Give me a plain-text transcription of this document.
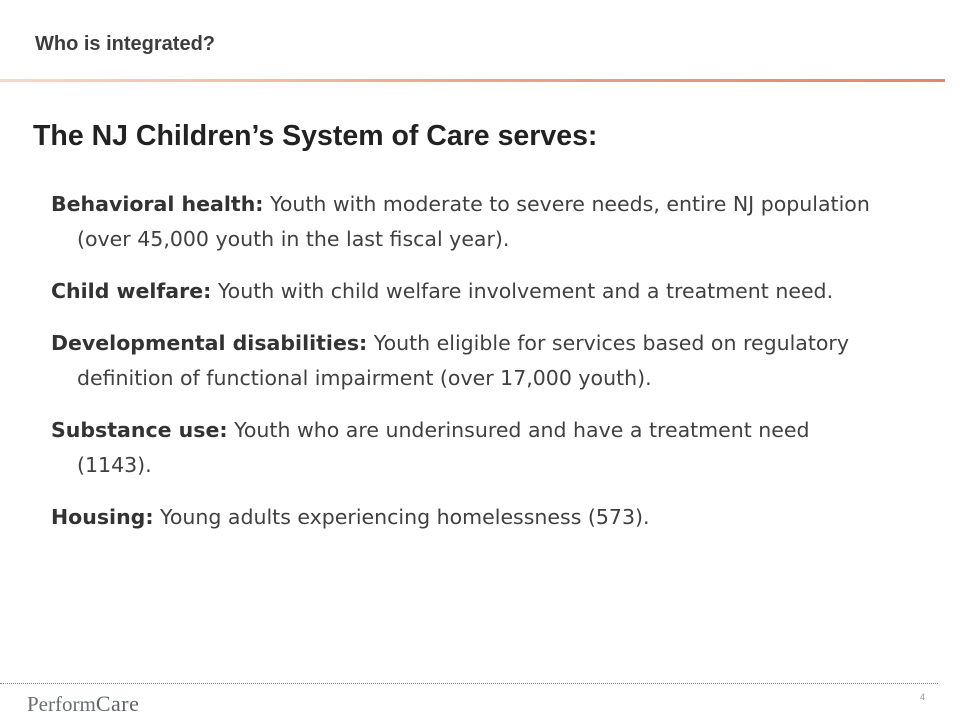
Who is integrated?
The NJ Children’s System of Care serves:
Behavioral health: Youth with moderate to severe needs, entire NJ population (over 45,000 youth in the last fiscal year).
Child welfare: Youth with child welfare involvement and a treatment need.
Developmental disabilities: Youth eligible for services based on regulatory definition of functional impairment (over 17,000 youth).
Substance use: Youth who are underinsured and have a treatment need (1143).
Housing: Young adults experiencing homelessness (573).
PerformCare	4
